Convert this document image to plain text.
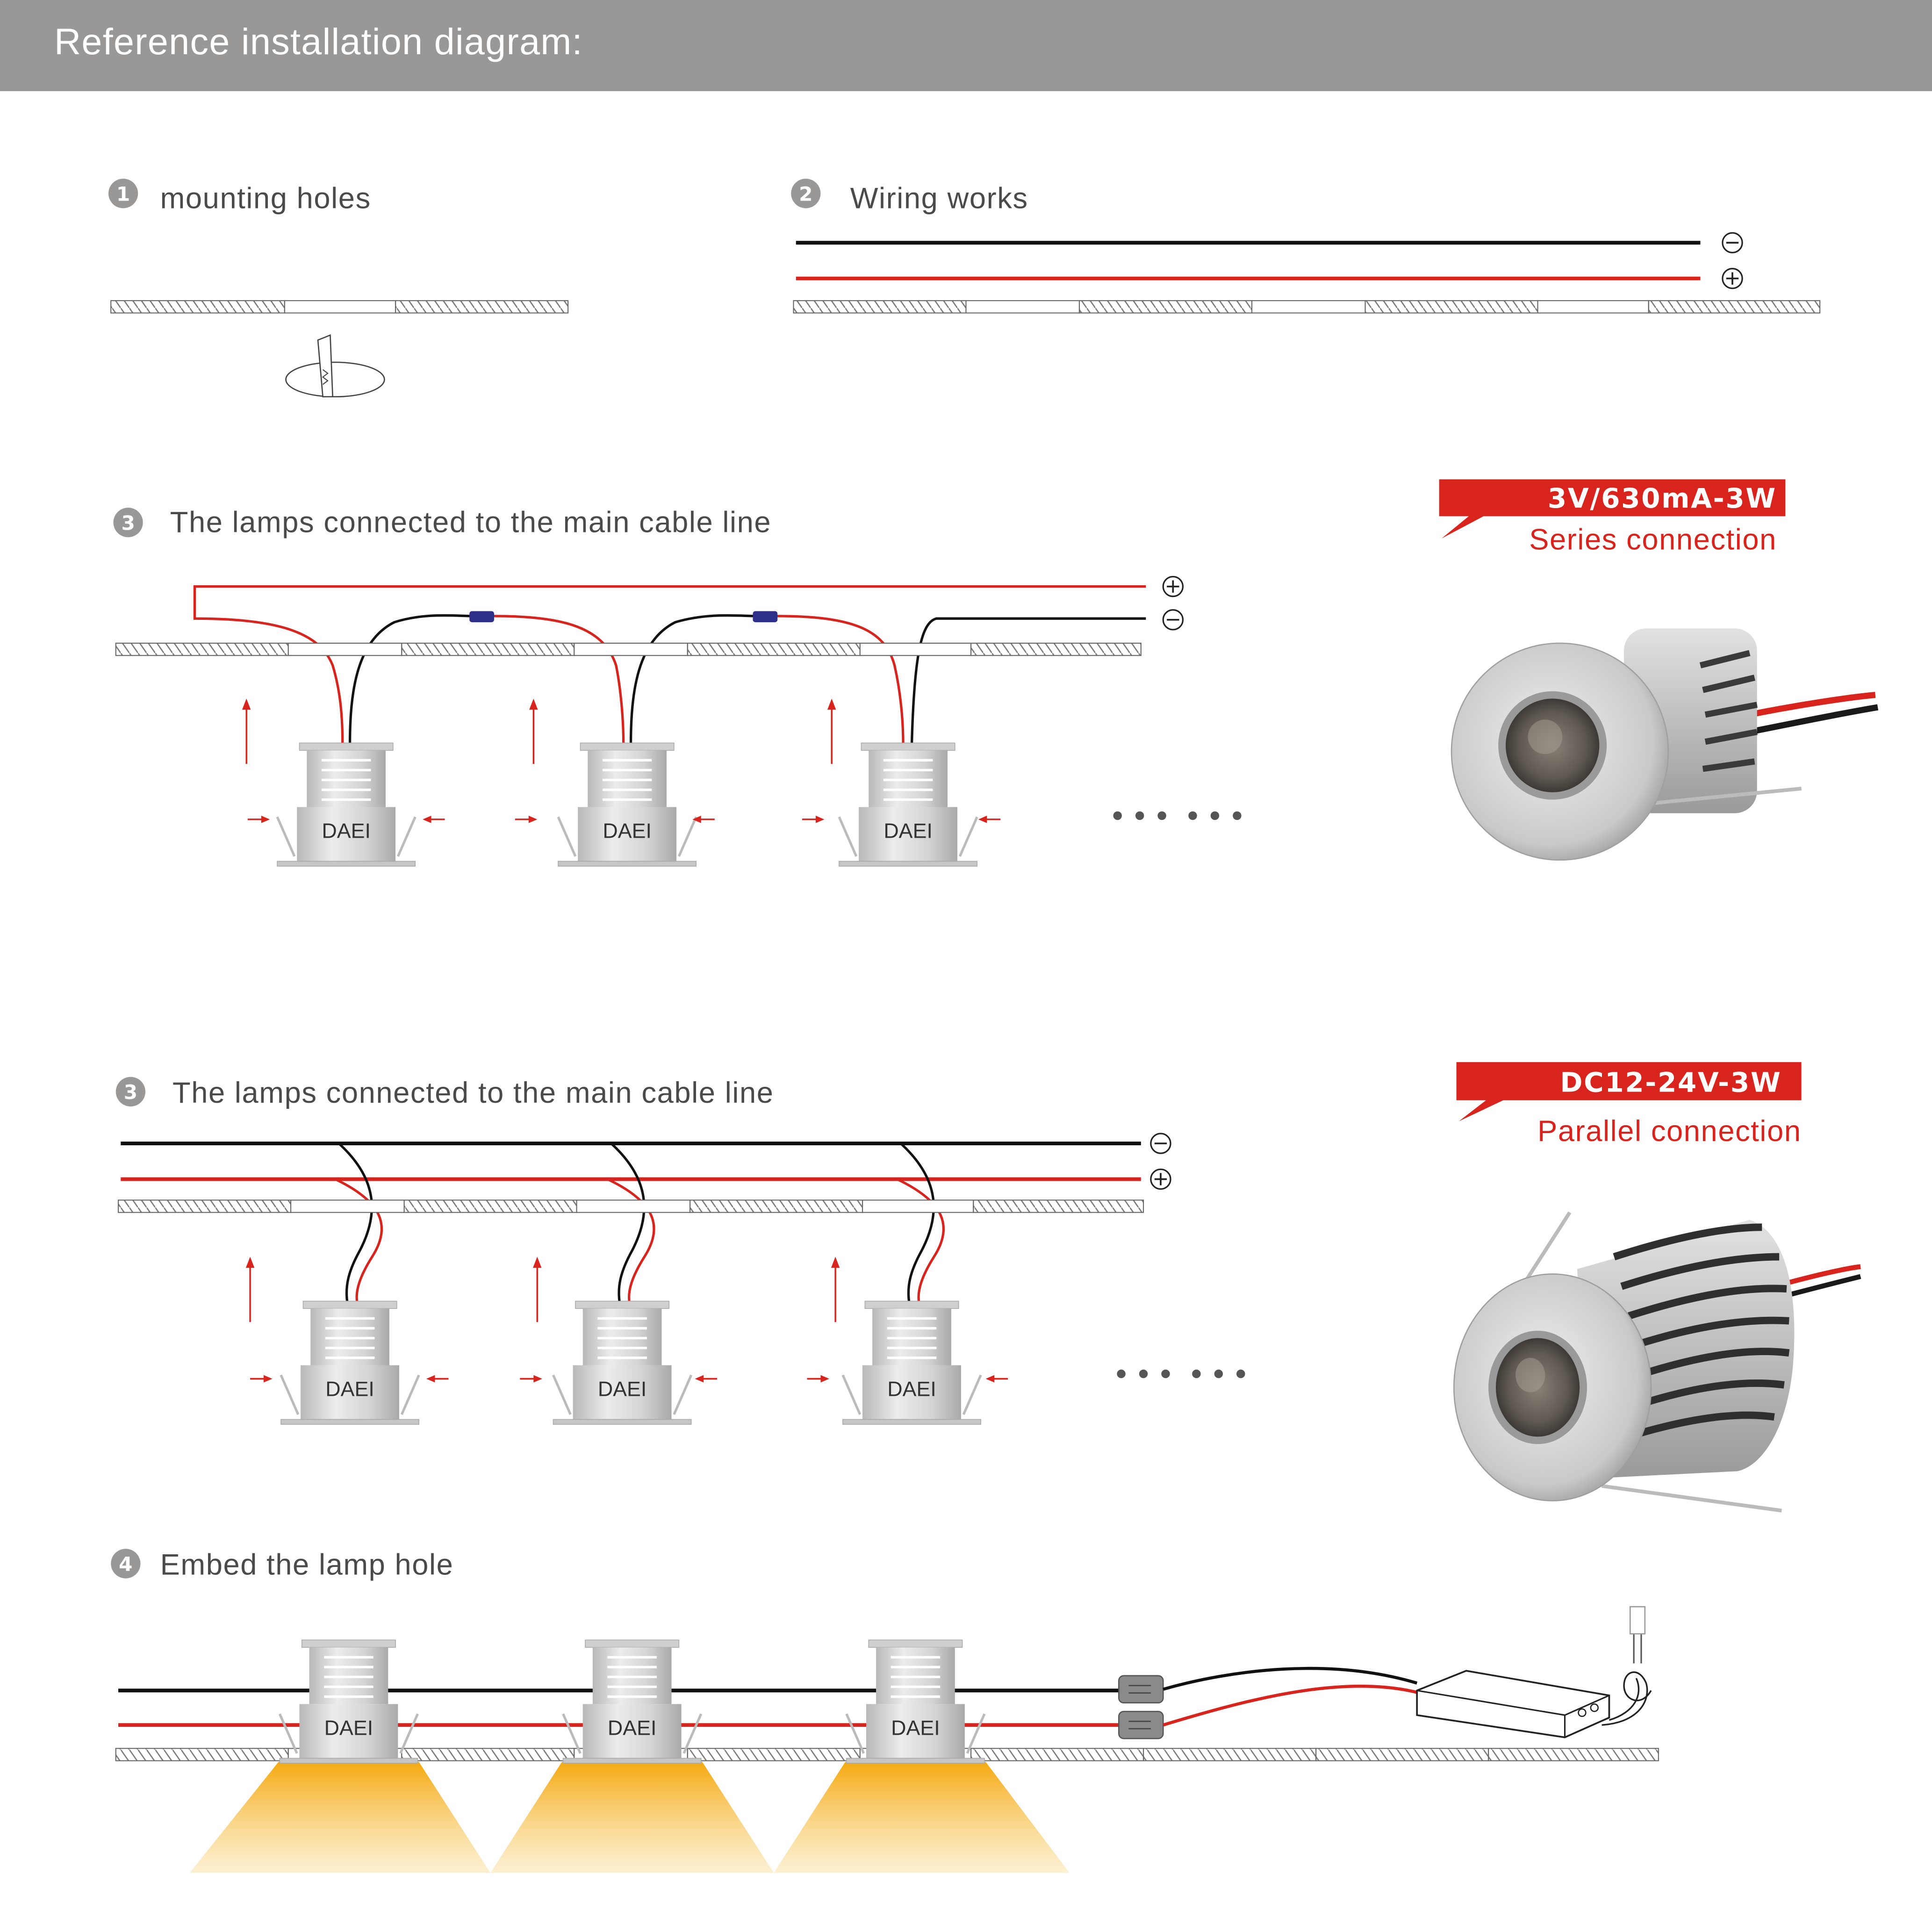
Reference installation diagram:
1	mounting holes	2	Wiring works
3	The lamps connected to the main cable line
DAEI	DAEI	DAEI
3V/630mA-3W
Series connection
3	The lamps connected to the main cable line
DAEI	DAEI	DAEI
DC12-24V-3W
Parallel connection
4 Embed the lamp hole
DAEI	DAEI	DAEI
